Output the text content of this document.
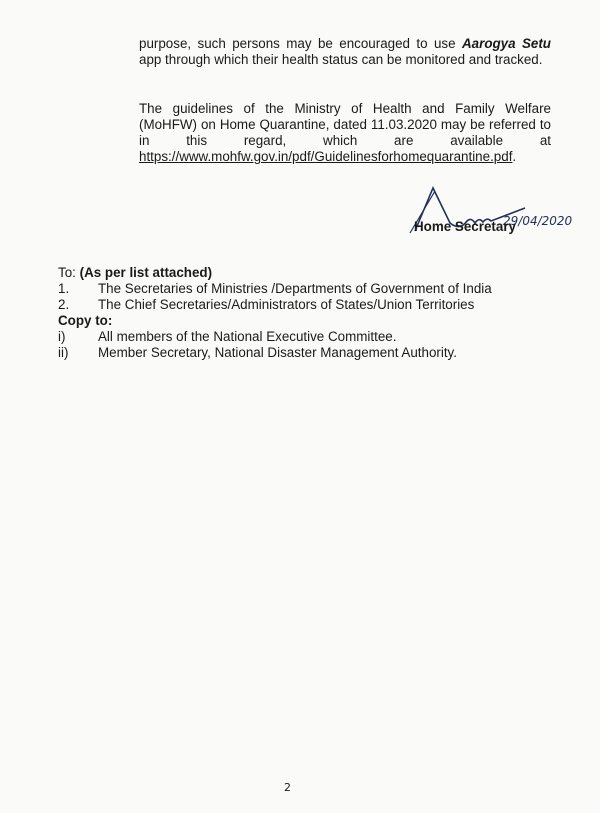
purpose, such persons may be encouraged to use Aarogya Setu app through which their health status can be monitored and tracked.
The guidelines of the Ministry of Health and Family Welfare (MoHFW) on Home Quarantine, dated 11.03.2020 may be referred to in this regard, which are available at https://www.mohfw.gov.in/pdf/Guidelinesforhomequarantine.pdf.
29/04/2020
Home Secretary
To: (As per list attached)
1.	The Secretaries of Ministries /Departments of Government of India
2.	The Chief Secretaries/Administrators of States/Union Territories
Copy to:
i)	All members of the National Executive Committee.
ii)	Member Secretary, National Disaster Management Authority.
2
